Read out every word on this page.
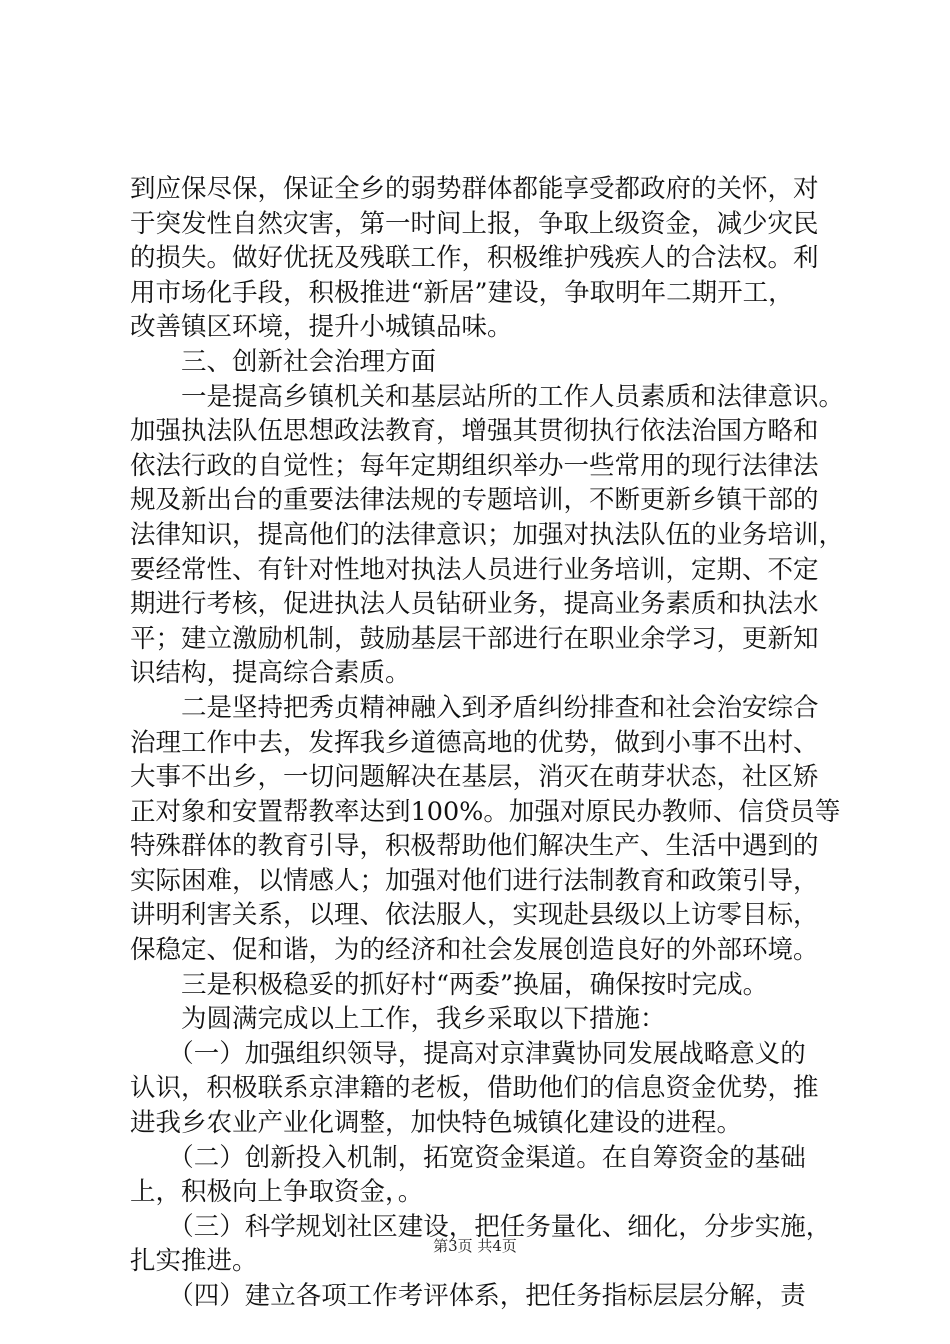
到应保尽保，保证全乡的弱势群体都能享受都政府的关怀，对
于突发性自然灾害，第一时间上报，争取上级资金，减少灾民
的损失。做好优抚及残联工作，积极维护残疾人的合法权。利
用市场化手段，积极推进“新居”建设，争取明年二期开工，
改善镇区环境，提升小城镇品味。
　　三、创新社会治理方面
　　一是提高乡镇机关和基层站所的工作人员素质和法律意识。
加强执法队伍思想政法教育，增强其贯彻执行依法治国方略和
依法行政的自觉性；每年定期组织举办一些常用的现行法律法
规及新出台的重要法律法规的专题培训，不断更新乡镇干部的
法律知识，提高他们的法律意识；加强对执法队伍的业务培训，
要经常性、有针对性地对执法人员进行业务培训，定期、不定
期进行考核，促进执法人员钻研业务，提高业务素质和执法水
平；建立激励机制，鼓励基层干部进行在职业余学习，更新知
识结构，提高综合素质。
　　二是坚持把秀贞精神融入到矛盾纠纷排查和社会治安综合
治理工作中去，发挥我乡道德高地的优势，做到小事不出村、
大事不出乡，一切问题解决在基层，消灭在萌芽状态，社区矫
正对象和安置帮教率达到100%。加强对原民办教师、信贷员等
特殊群体的教育引导，积极帮助他们解决生产、生活中遇到的
实际困难，以情感人；加强对他们进行法制教育和政策引导，
讲明利害关系，以理、依法服人，实现赴县级以上访零目标，
保稳定、促和谐，为的经济和社会发展创造良好的外部环境。
　　三是积极稳妥的抓好村“两委”换届，确保按时完成。
　　为圆满完成以上工作，我乡采取以下措施：
　　（一）加强组织领导，提高对京津冀协同发展战略意义的
认识，积极联系京津籍的老板，借助他们的信息资金优势，推
进我乡农业产业化调整，加快特色城镇化建设的进程。
　　（二）创新投入机制，拓宽资金渠道。在自筹资金的基础
上，积极向上争取资金，。
　　（三）科学规划社区建设，把任务量化、细化，分步实施，
扎实推进。
　　（四）建立各项工作考评体系，把任务指标层层分解，责
第3页 共4页
